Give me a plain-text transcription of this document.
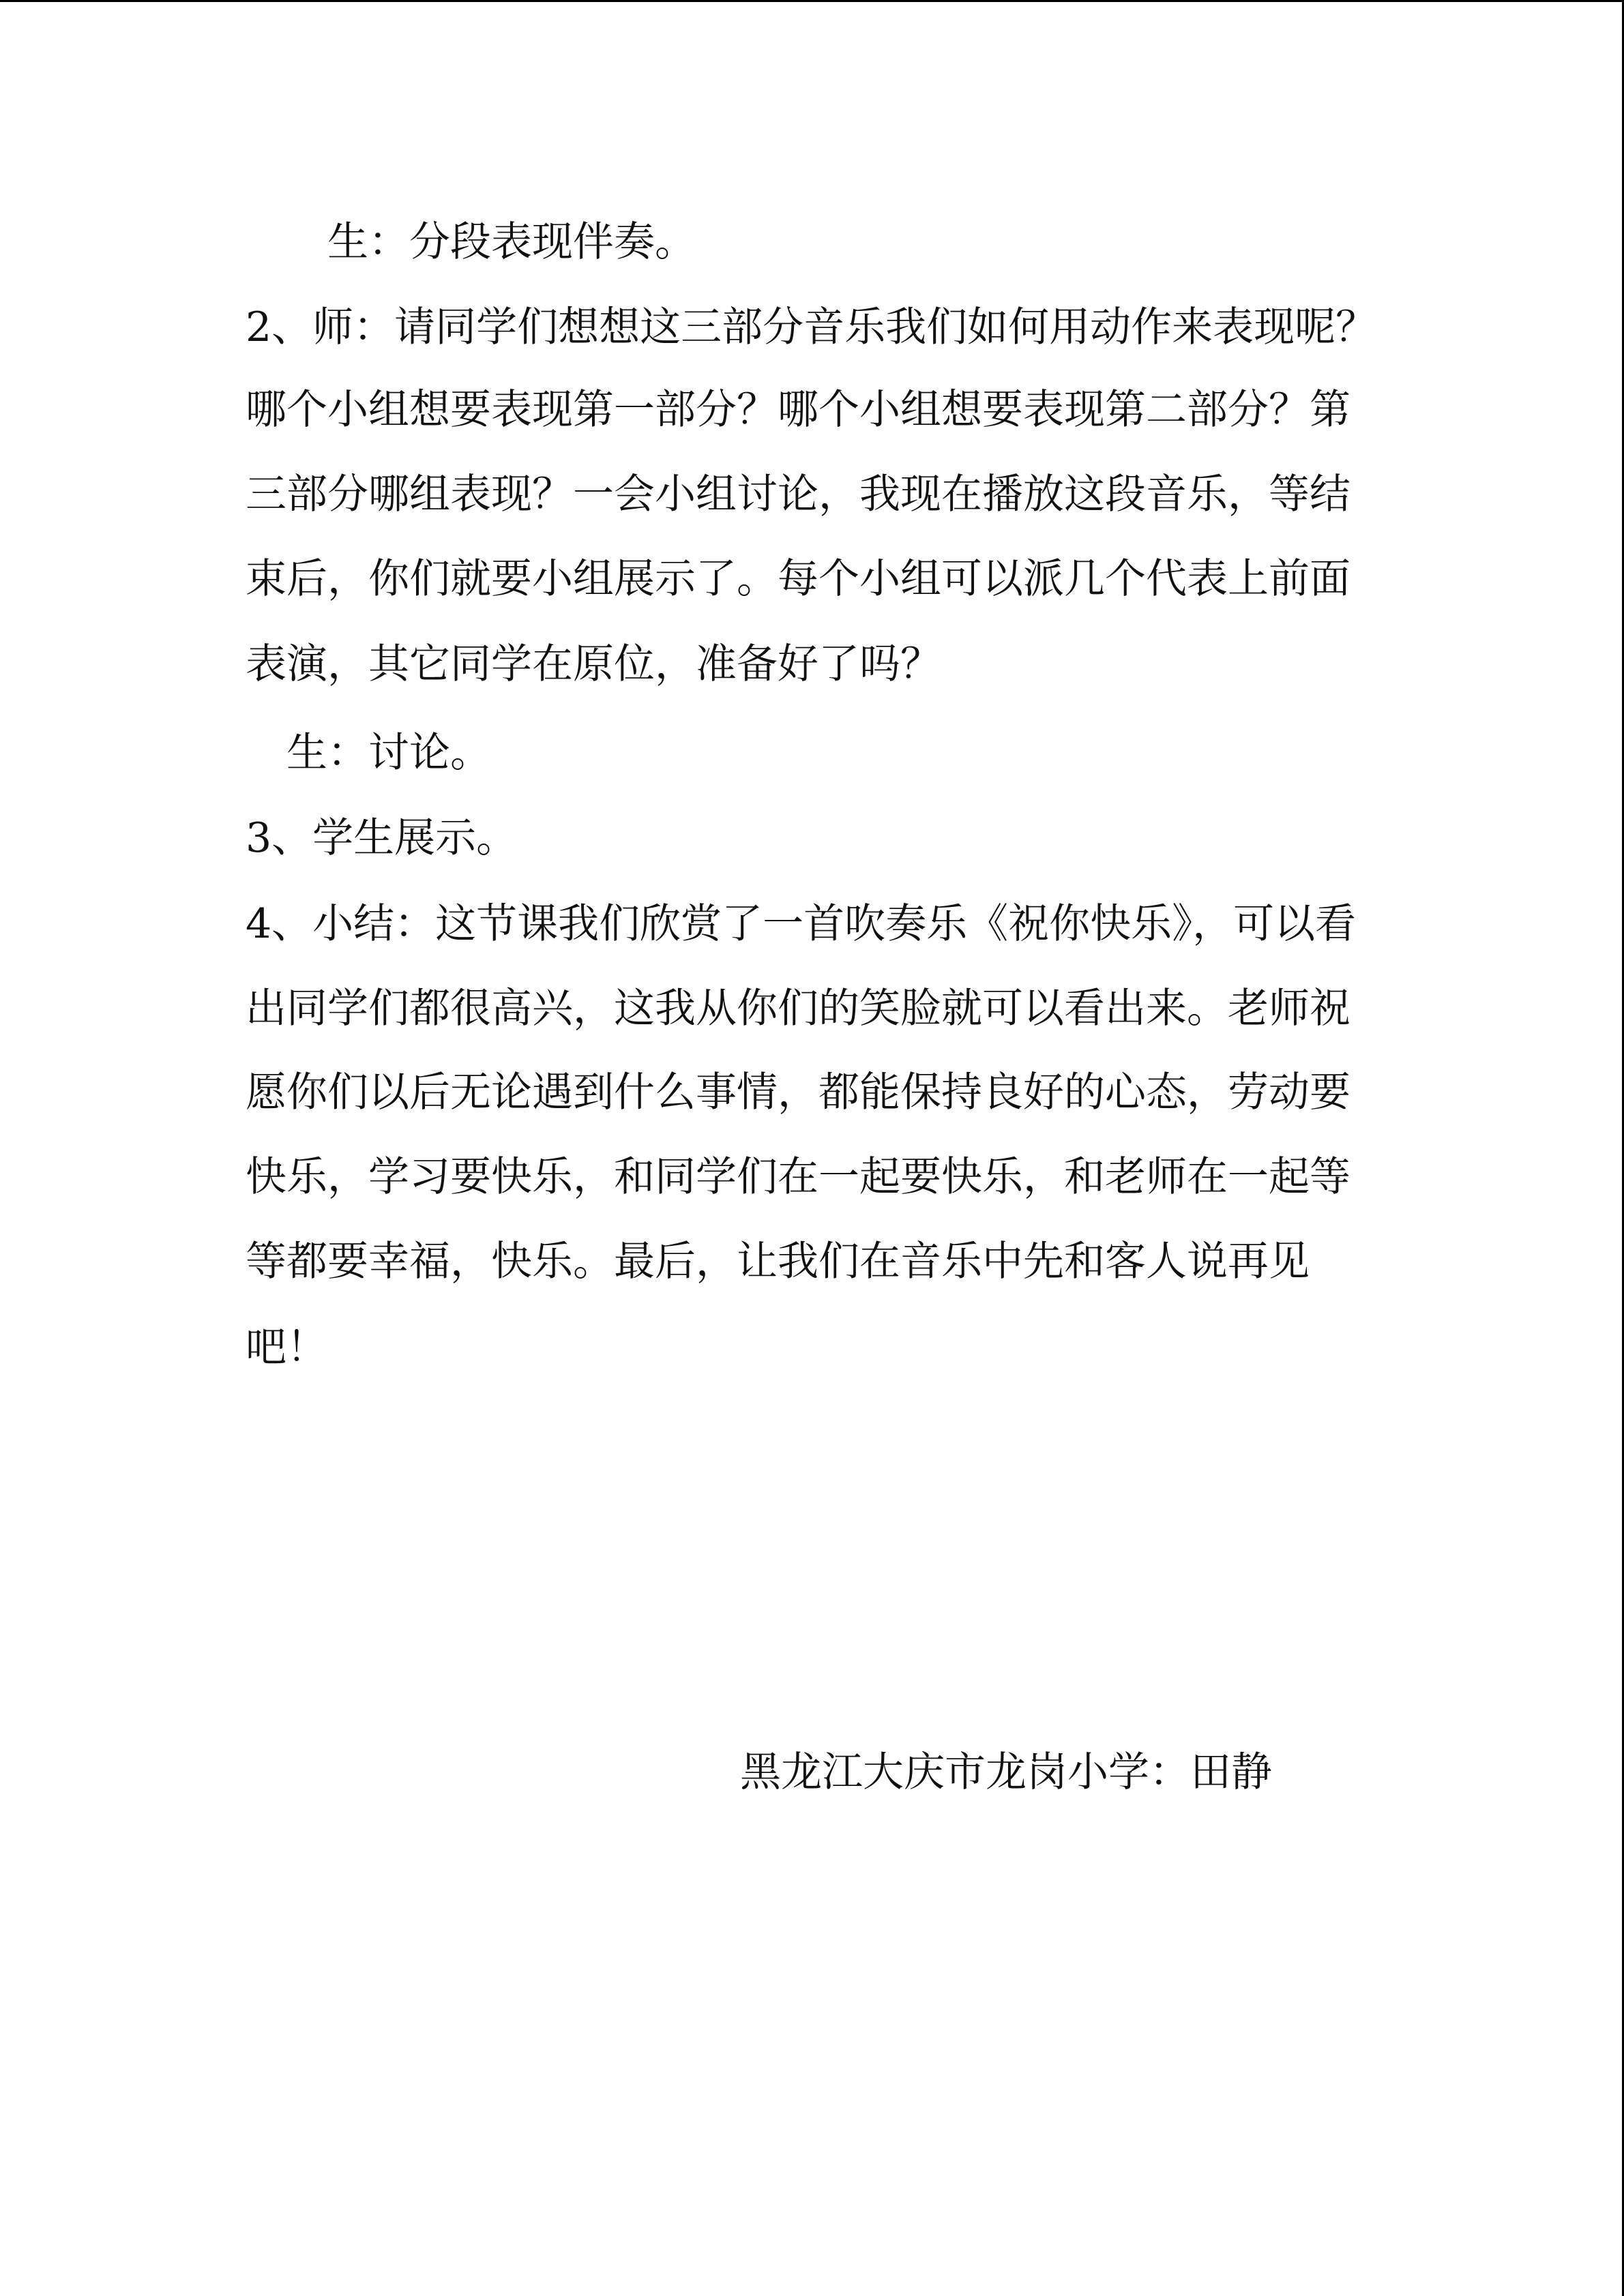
生：分段表现伴奏。
2、师：请同学们想想这三部分音乐我们如何用动作来表现呢？
哪个小组想要表现第一部分？哪个小组想要表现第二部分？第
三部分哪组表现？一会小组讨论，我现在播放这段音乐，等结
束后，你们就要小组展示了。每个小组可以派几个代表上前面
表演，其它同学在原位，准备好了吗？
生：讨论。
3、学生展示。
4、小结：这节课我们欣赏了一首吹奏乐《祝你快乐》，可以看
出同学们都很高兴，这我从你们的笑脸就可以看出来。老师祝
愿你们以后无论遇到什么事情，都能保持良好的心态，劳动要
快乐，学习要快乐，和同学们在一起要快乐，和老师在一起等
等都要幸福，快乐。最后，让我们在音乐中先和客人说再见
吧！
黑龙江大庆市龙岗小学：田静
